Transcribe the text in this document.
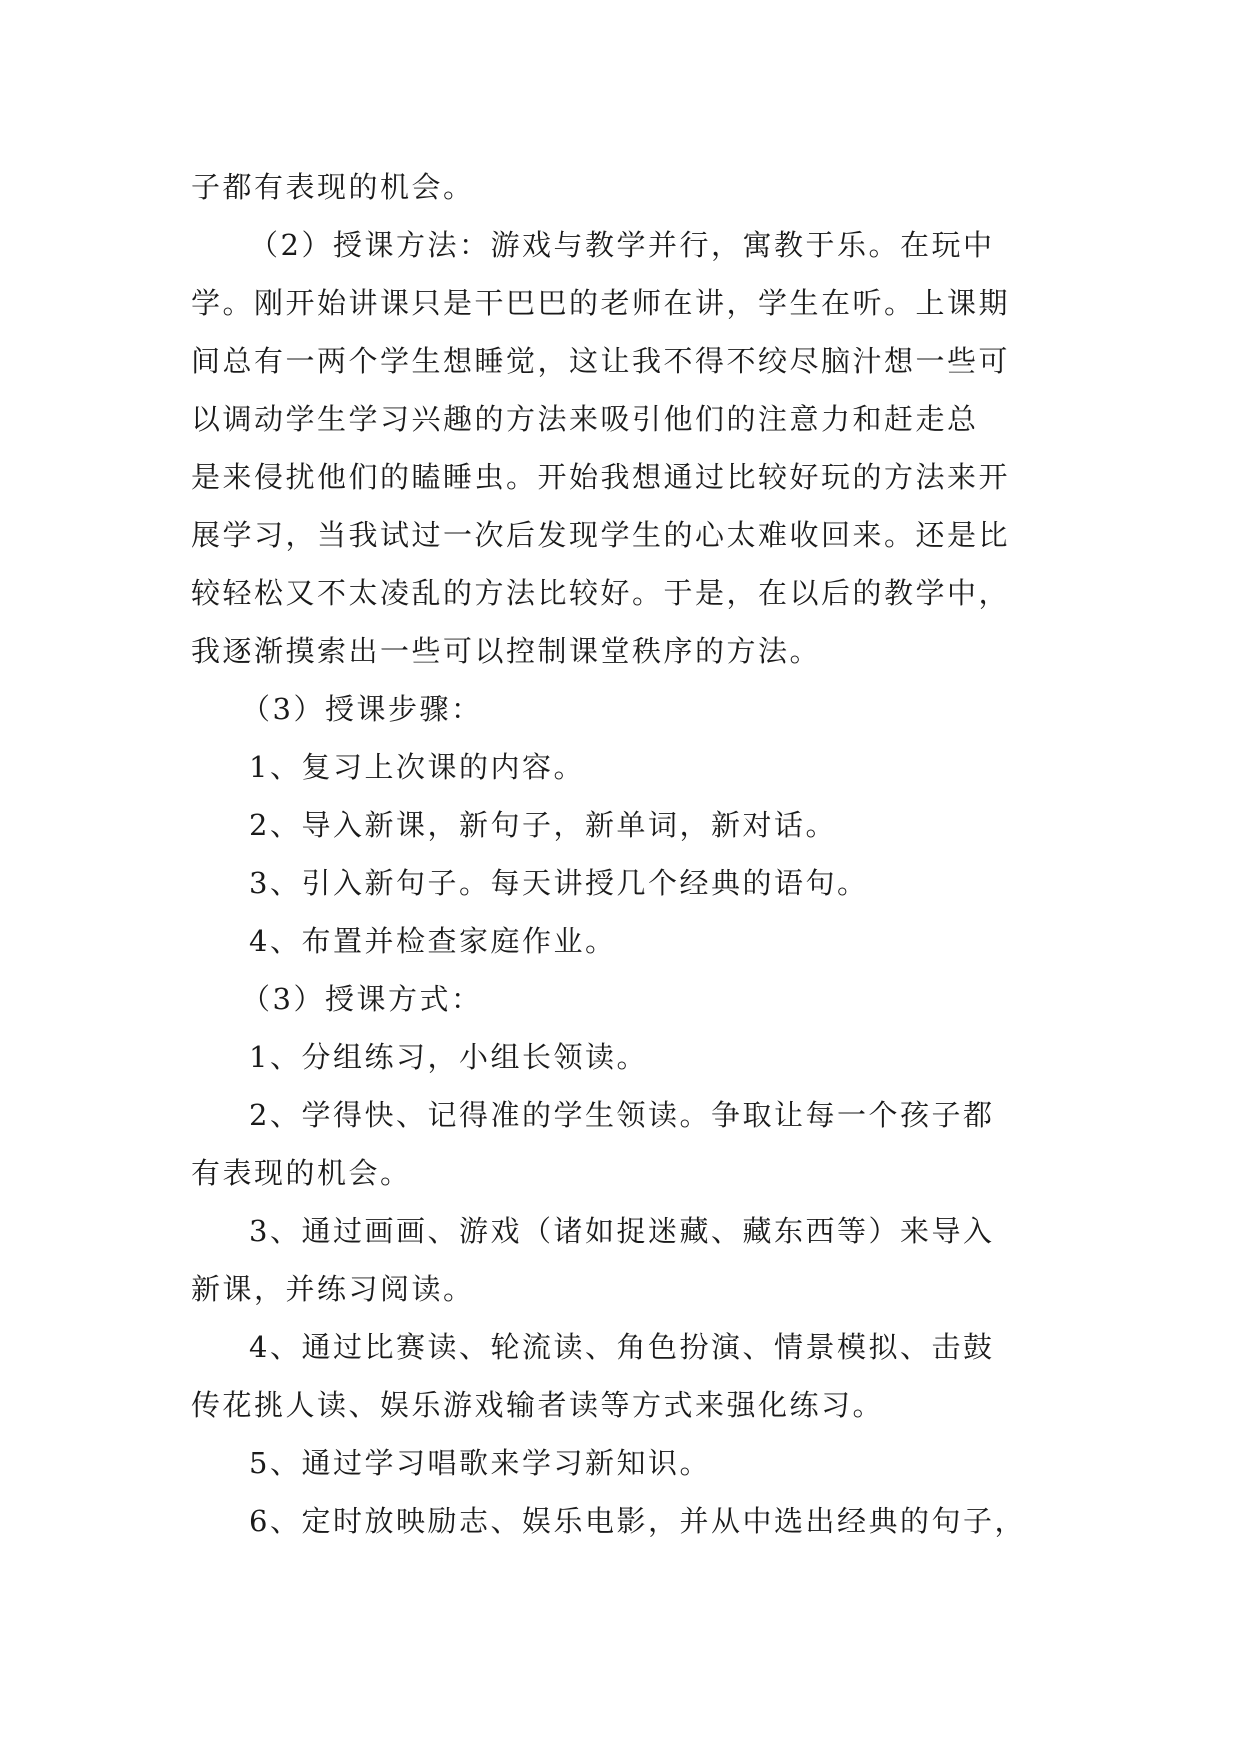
子都有表现的机会。
（2）授课方法：游戏与教学并行，寓教于乐。在玩中
学。刚开始讲课只是干巴巴的老师在讲，学生在听。上课期
间总有一两个学生想睡觉，这让我不得不绞尽脑汁想一些可
以调动学生学习兴趣的方法来吸引他们的注意力和赶走总
是来侵扰他们的瞌睡虫。开始我想通过比较好玩的方法来开
展学习，当我试过一次后发现学生的心太难收回来。还是比
较轻松又不太凌乱的方法比较好。于是，在以后的教学中，
我逐渐摸索出一些可以控制课堂秩序的方法。
（3）授课步骤：
1、复习上次课的内容。
2、导入新课，新句子，新单词，新对话。
3、引入新句子。每天讲授几个经典的语句。
4、布置并检查家庭作业。
（3）授课方式：
1、分组练习，小组长领读。
2、学得快、记得准的学生领读。争取让每一个孩子都
有表现的机会。
3、通过画画、游戏（诸如捉迷藏、藏东西等）来导入
新课，并练习阅读。
4、通过比赛读、轮流读、角色扮演、情景模拟、击鼓
传花挑人读、娱乐游戏输者读等方式来强化练习。
5、通过学习唱歌来学习新知识。
6、定时放映励志、娱乐电影，并从中选出经典的句子，
